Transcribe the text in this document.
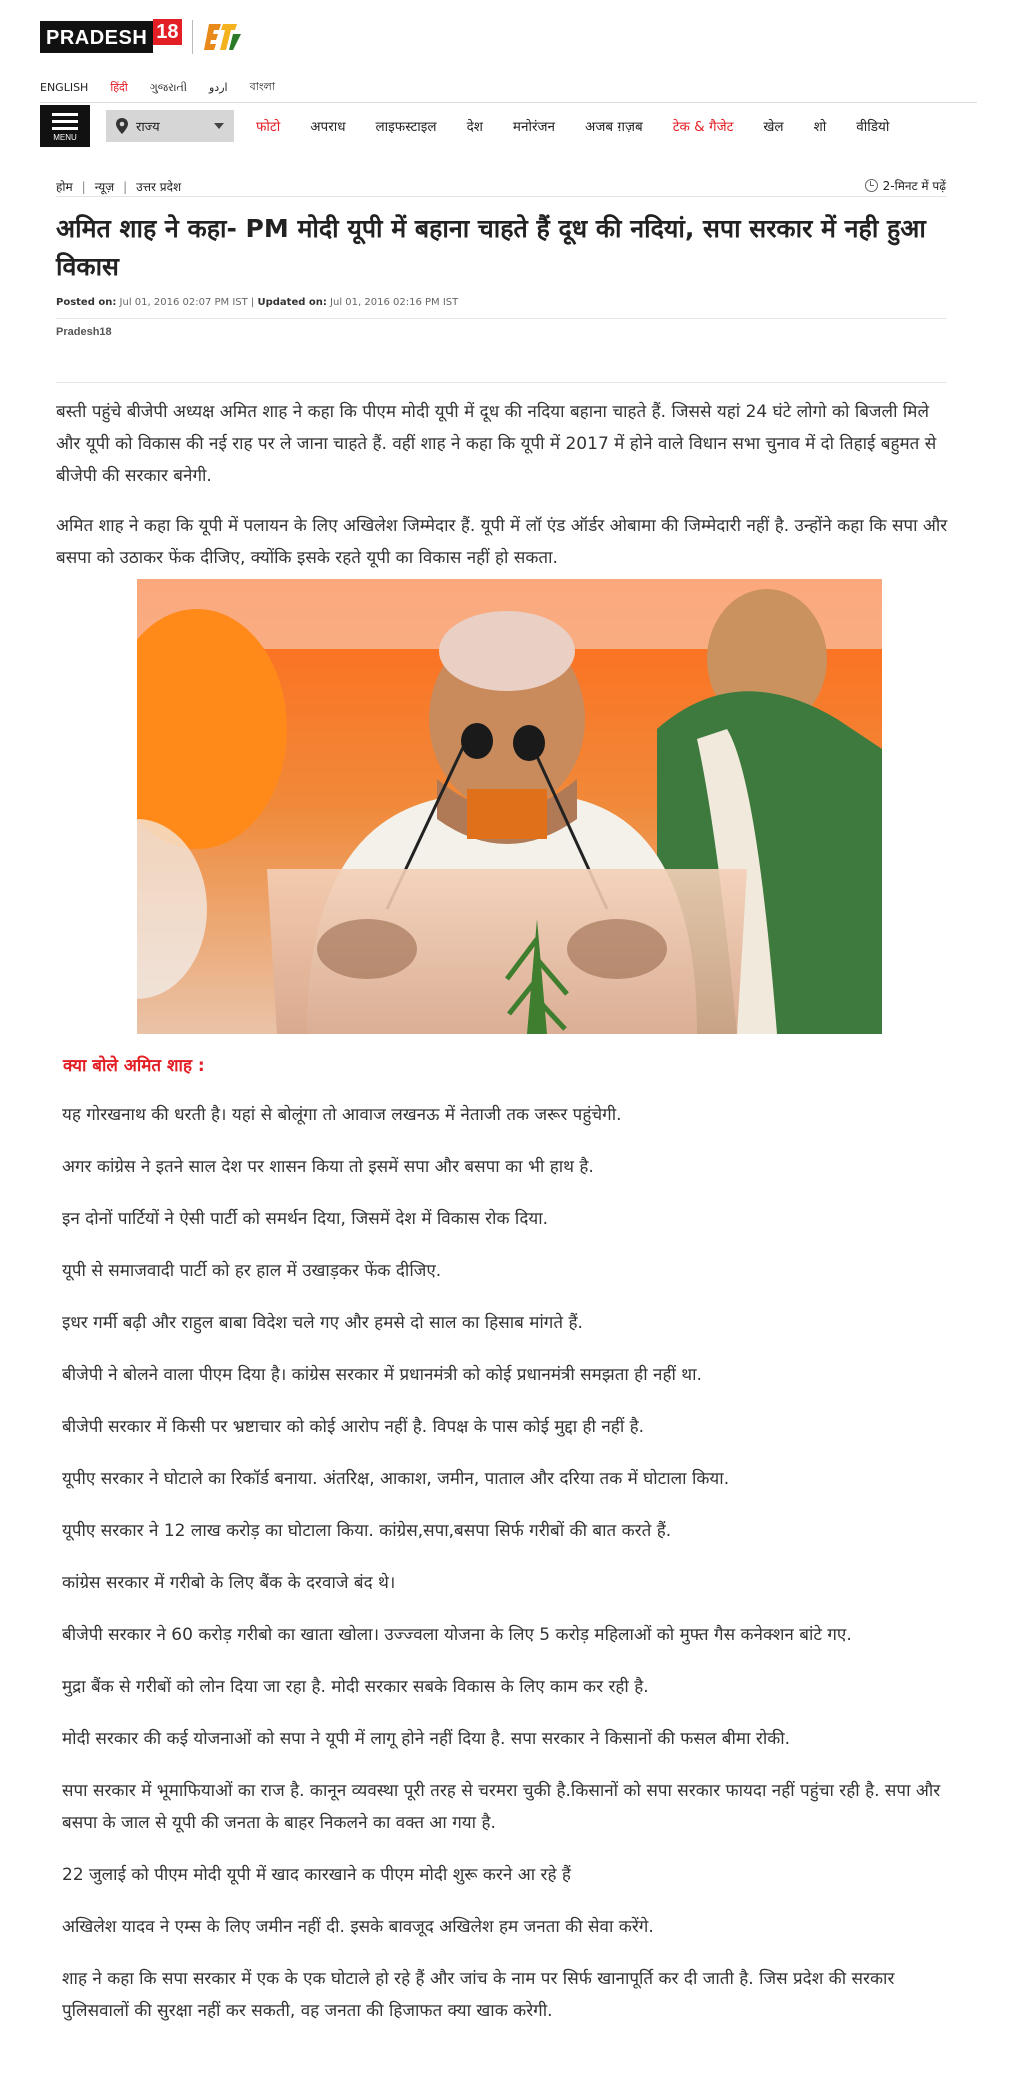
PRADESH 18
ENGLISH हिंदी ગુજરાતી اردو বাংলা
MENU
राज्य	फोटो अपराध लाइफस्टाइल देश मनोरंजन अजब ग़ज़ब टेक & गैजेट खेल शो वीडियो
होम | न्यूज़ | उत्तर प्रदेश	2-मिनट में पढ़ें
अमित शाह ने कहा- PM मोदी यूपी में बहाना चाहते हैं दूध की नदियां, सपा सरकार में नही हुआ विकास
Posted on: Jul 01, 2016 02:07 PM IST | Updated on: Jul 01, 2016 02:16 PM IST
Pradesh18

बस्ती पहुंचे बीजेपी अध्यक्ष अमित शाह ने कहा कि पीएम मोदी यूपी में दूध की नदिया बहाना चाहते हैं. जिससे यहां 24 घंटे लोगो को बिजली मिले और यूपी को विकास की नई राह पर ले जाना चाहते हैं. वहीं शाह ने कहा कि यूपी में 2017 में होने वाले विधान सभा चुनाव में दो तिहाई बहुमत से बीजेपी की सरकार बनेगी.

अमित शाह ने कहा कि यूपी में पलायन के लिए अखिलेश जिम्मेदार हैं. यूपी में लॉ एंड ऑर्डर ओबामा की जिम्मेदारी नहीं है. उन्होंने कहा कि सपा और बसपा को उठाकर फेंक दीजिए, क्योंकि इसके रहते यूपी का विकास नहीं हो सकता.

क्या बोले अमित शाह :

यह गोरखनाथ की धरती है। यहां से बोलूंगा तो आवाज लखनऊ में नेताजी तक जरूर पहुंचेगी.

अगर कांग्रेस ने इतने साल देश पर शासन किया तो इसमें सपा और बसपा का भी हाथ है.

इन दोनों पार्टियों ने ऐसी पार्टी को समर्थन दिया, जिसमें देश में विकास रोक दिया.

यूपी से समाजवादी पार्टी को हर हाल में उखाड़कर फेंक दीजिए.

इधर गर्मी बढ़ी और राहुल बाबा विदेश चले गए और हमसे दो साल का हिसाब मांगते हैं.

बीजेपी ने बोलने वाला पीएम दिया है। कांग्रेस सरकार में प्रधानमंत्री को कोई प्रधानमंत्री समझता ही नहीं था.

बीजेपी सरकार में किसी पर भ्रष्टाचार को कोई आरोप नहीं है. विपक्ष के पास कोई मुद्दा ही नहीं है.

यूपीए सरकार ने घोटाले का रिकॉर्ड बनाया. अंतरिक्ष, आकाश, जमीन, पाताल और दरिया तक में घोटाला किया.

यूपीए सरकार ने 12 लाख करोड़ का घोटाला किया. कांग्रेस,सपा,बसपा सिर्फ गरीबों की बात करते हैं.

कांग्रेस सरकार में गरीबो के लिए बैंक के दरवाजे बंद थे।

बीजेपी सरकार ने 60 करोड़ गरीबो का खाता खोला। उज्ज्वला योजना के लिए 5 करोड़ महिलाओं को मुफ्त गैस कनेक्शन बांटे गए.

मुद्रा बैंक से गरीबों को लोन दिया जा रहा है. मोदी सरकार सबके विकास के लिए काम कर रही है.

मोदी सरकार की कई योजनाओं को सपा ने यूपी में लागू होने नहीं दिया है. सपा सरकार ने किसानों की फसल बीमा रोकी.

सपा सरकार में भूमाफियाओं का राज है. कानून व्यवस्था पूरी तरह से चरमरा चुकी है.किसानों को सपा सरकार फायदा नहीं पहुंचा रही है. सपा और बसपा के जाल से यूपी की जनता के बाहर निकलने का वक्त आ गया है.

22 जुलाई को पीएम मोदी यूपी में खाद कारखाने क पीएम मोदी शुरू करने आ रहे हैं

अखिलेश यादव ने एम्स के लिए जमीन नहीं दी. इसके बावजूद अखिलेश हम जनता की सेवा करेंगे.

शाह ने कहा कि सपा सरकार में एक के एक घोटाले हो रहे हैं और जांच के नाम पर सिर्फ खानापूर्ति कर दी जाती है. जिस प्रदेश की सरकार पुलिसवालों की सुरक्षा नहीं कर सकती, वह जनता की हिजाफत क्या खाक करेगी.
